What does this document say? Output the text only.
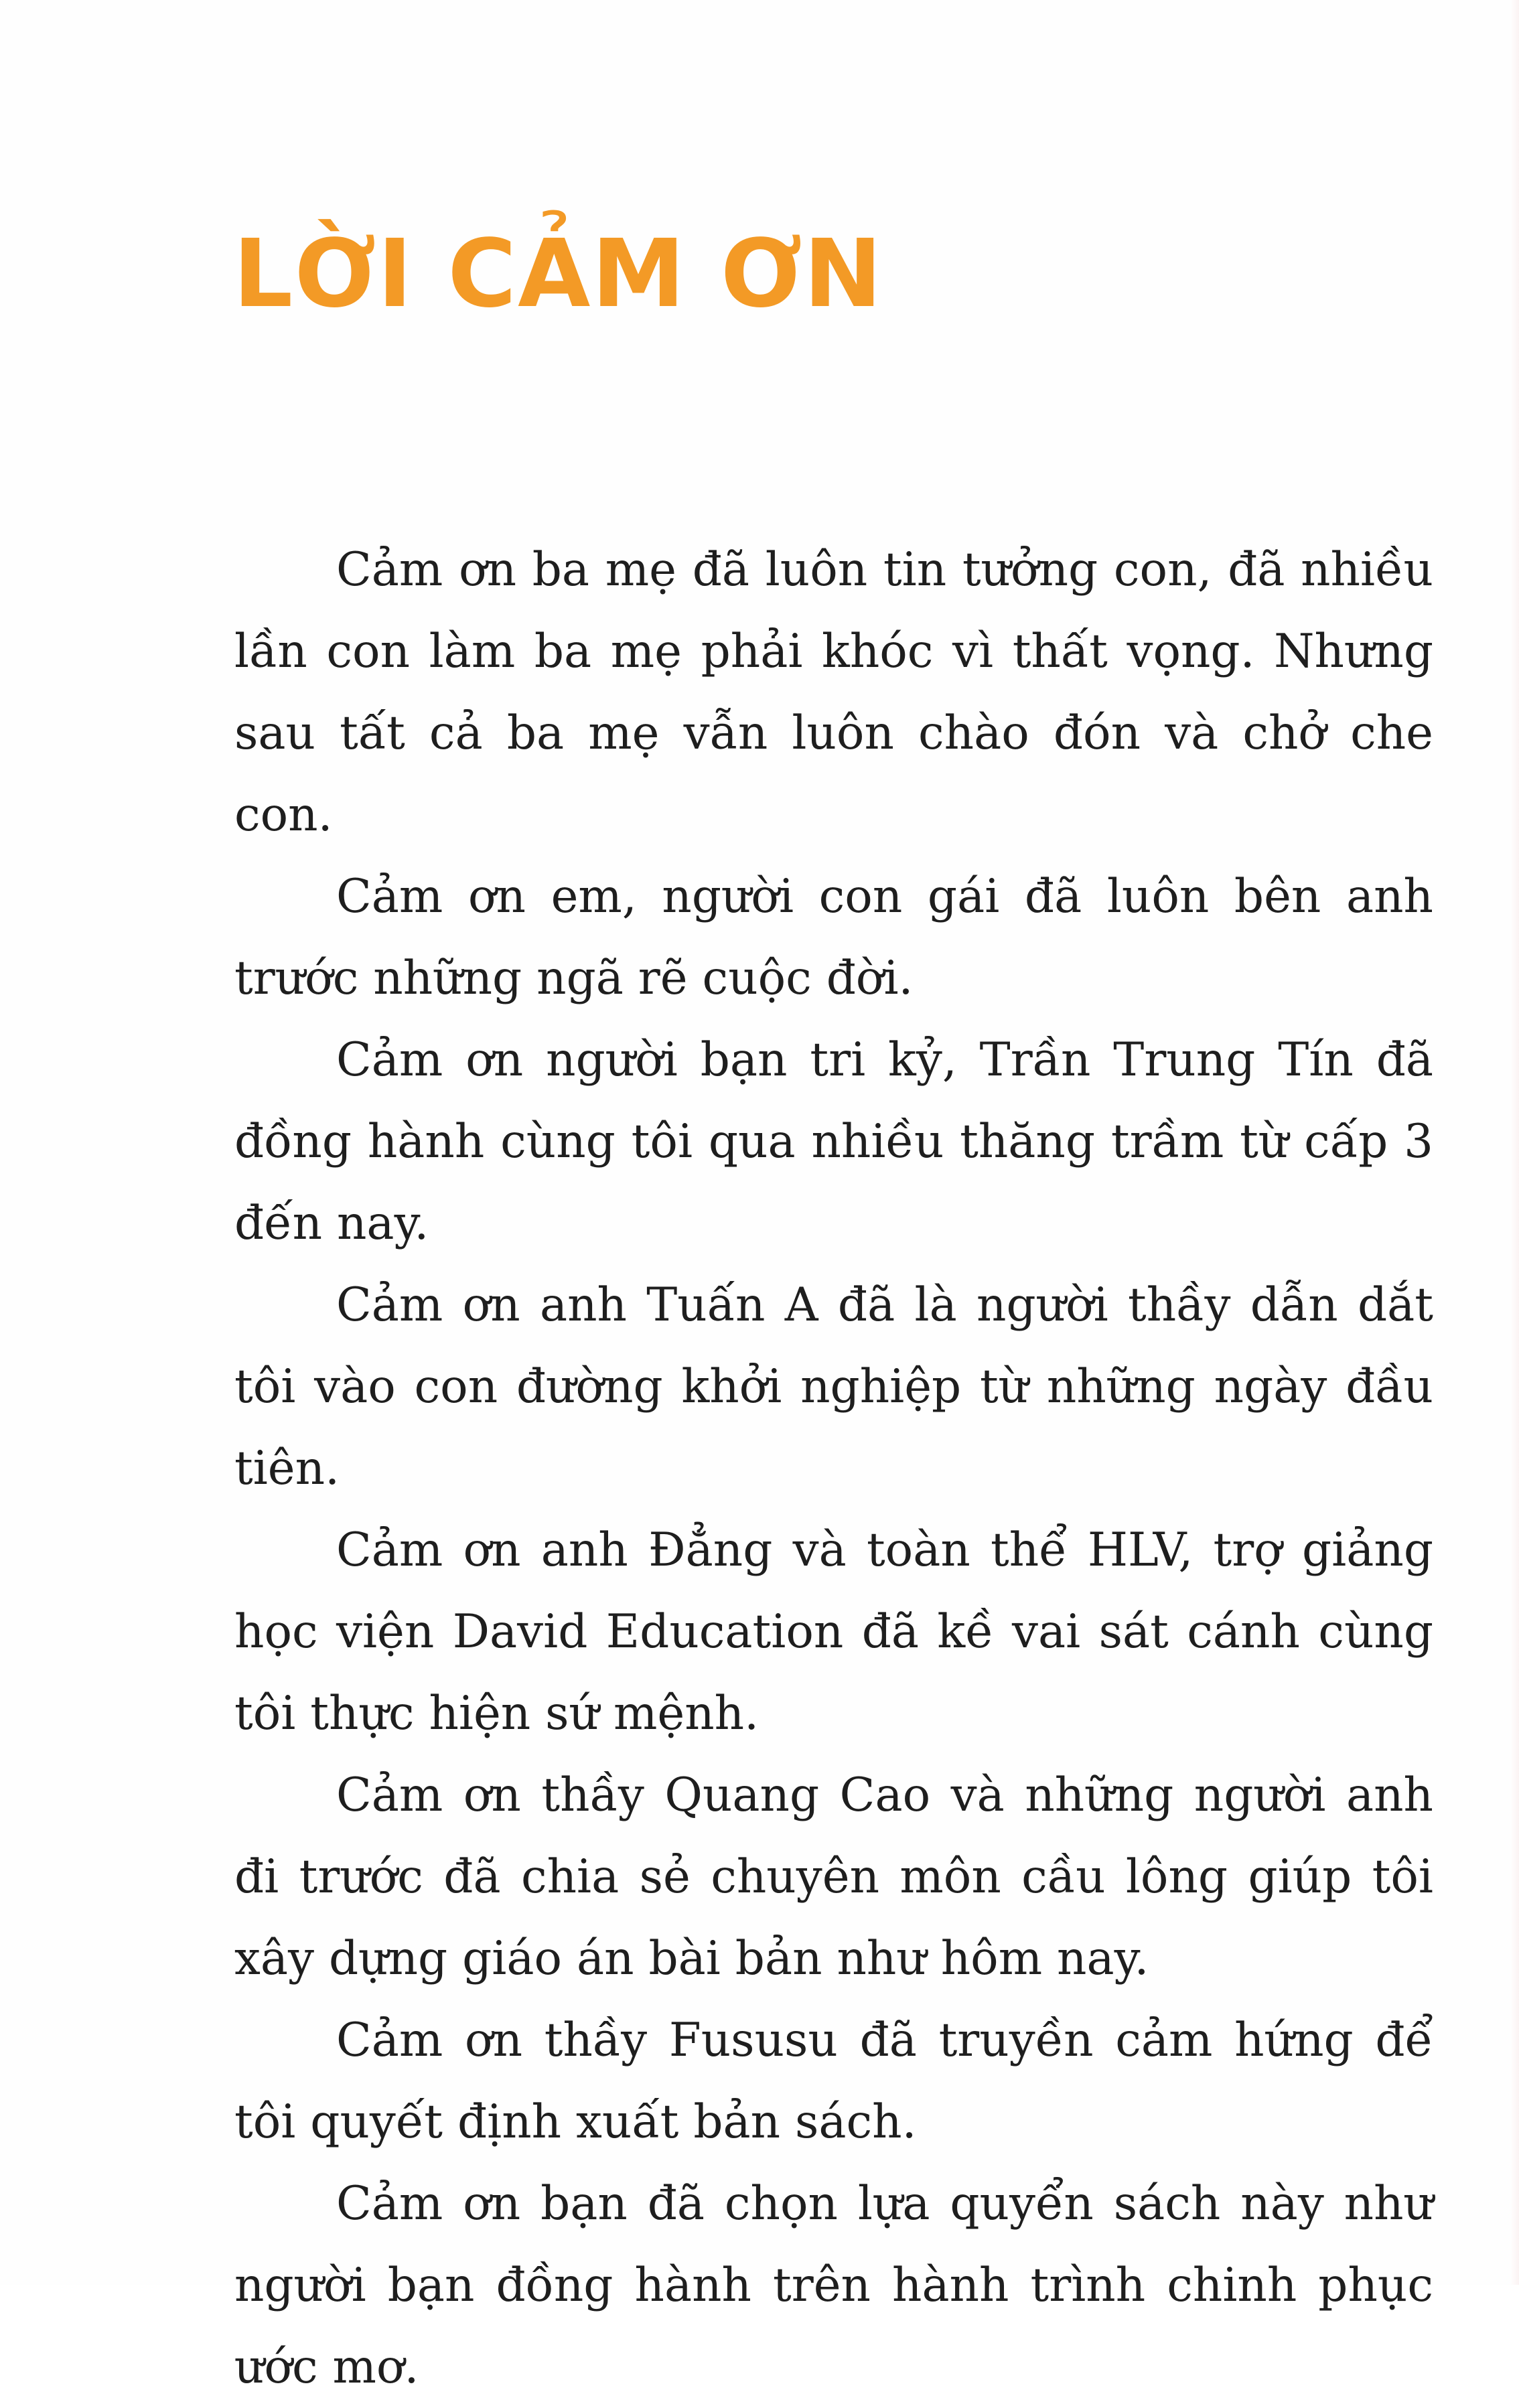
LỜI CẢM ƠN

Cảm ơn ba mẹ đã luôn tin tưởng con, đã nhiều lần con làm ba mẹ phải khóc vì thất vọng. Nhưng sau tất cả ba mẹ vẫn luôn chào đón và chở che con.

Cảm ơn em, người con gái đã luôn bên anh trước những ngã rẽ cuộc đời.

Cảm ơn người bạn tri kỷ, Trần Trung Tín đã đồng hành cùng tôi qua nhiều thăng trầm từ cấp 3 đến nay.

Cảm ơn anh Tuấn A đã là người thầy dẫn dắt tôi vào con đường khởi nghiệp từ những ngày đầu tiên.

Cảm ơn anh Đẳng và toàn thể HLV, trợ giảng học viện David Education đã kề vai sát cánh cùng tôi thực hiện sứ mệnh.

Cảm ơn thầy Quang Cao và những người anh đi trước đã chia sẻ chuyên môn cầu lông giúp tôi xây dựng giáo án bài bản như hôm nay.

Cảm ơn thầy Fususu đã truyền cảm hứng để tôi quyết định xuất bản sách.

Cảm ơn bạn đã chọn lựa quyển sách này như người bạn đồng hành trên hành trình chinh phục ước mơ.
